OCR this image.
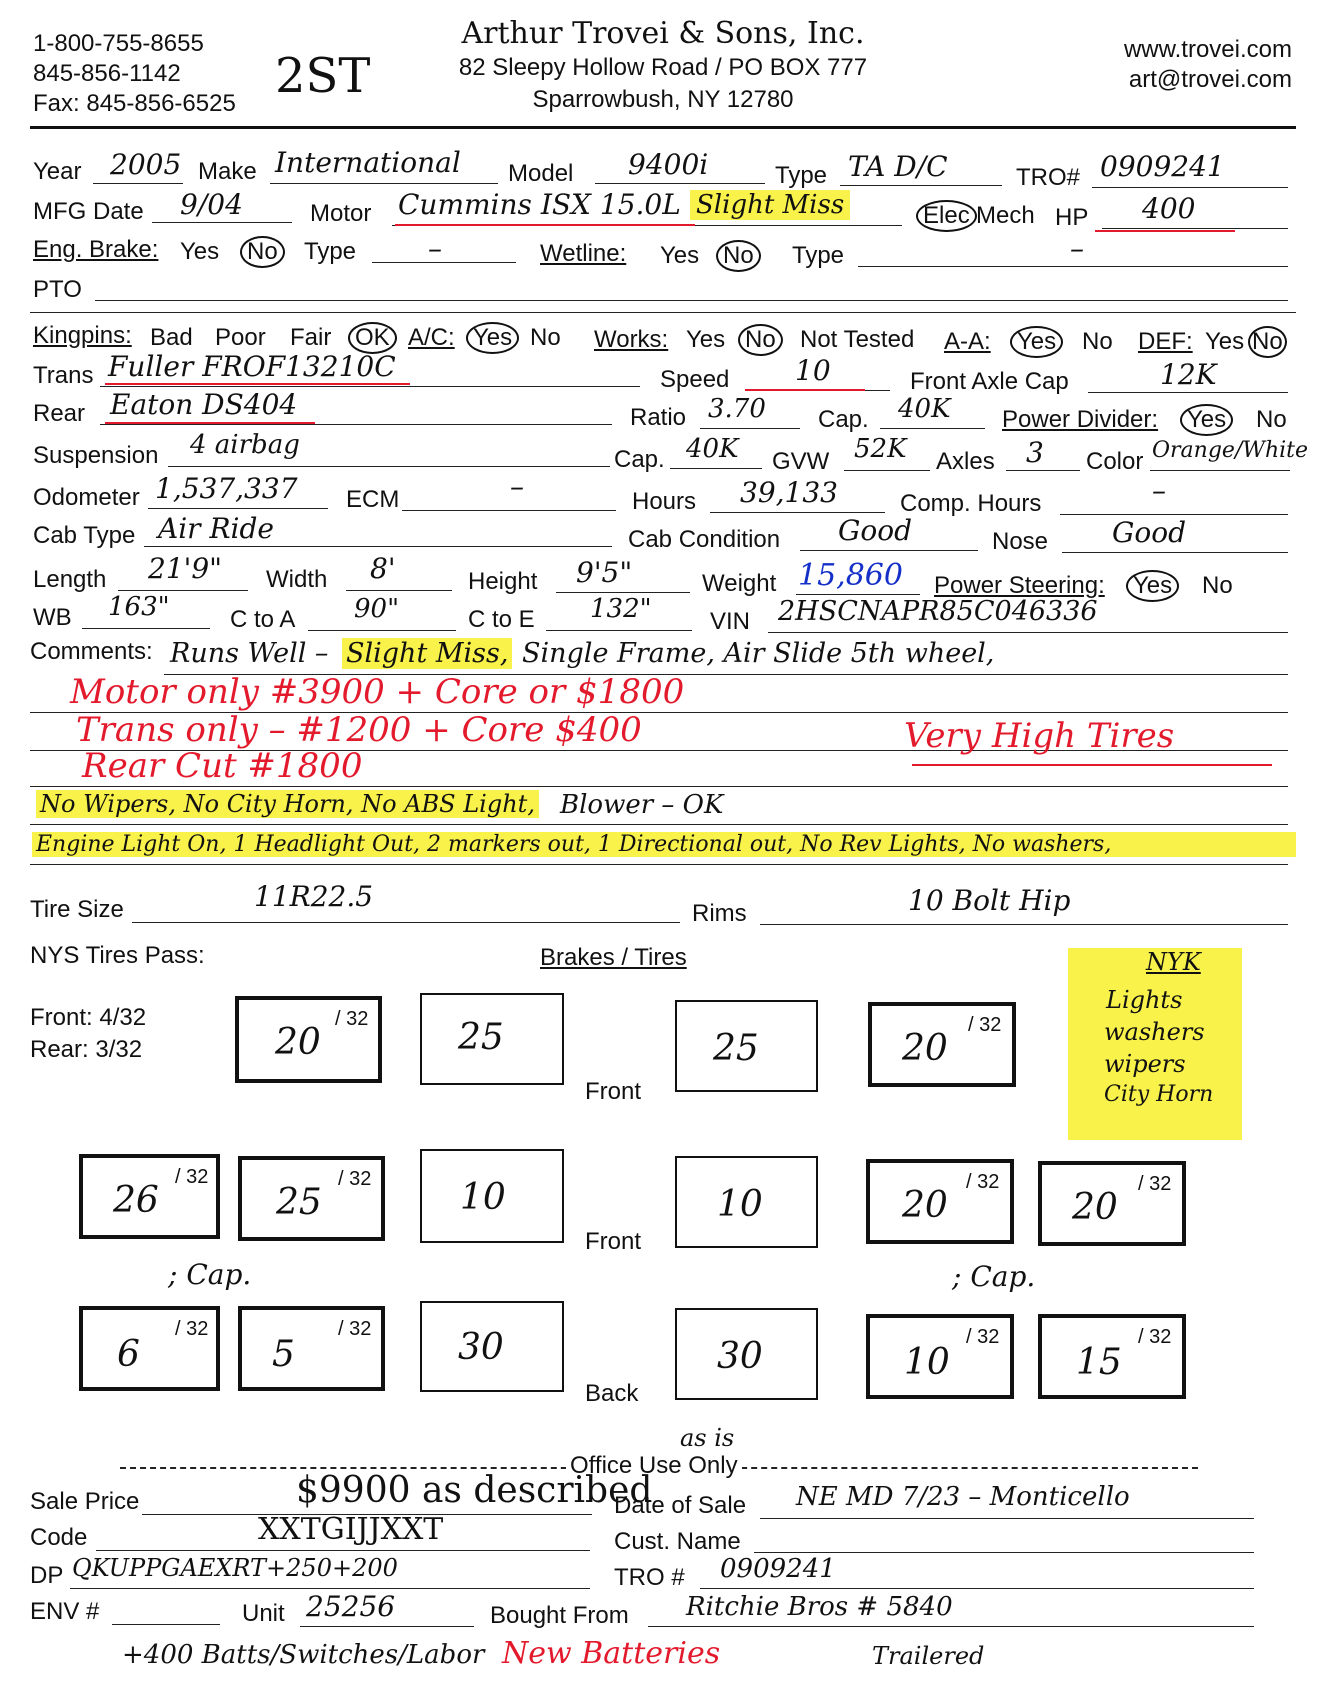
1-800-755-8655
845-856-1142
Fax: 845-856-6525 2ST
Arthur Trovei & Sons, Inc.
82 Sleepy Hollow Road / PO BOX 777
Sparrowbush, NY 12780
www.trovei.com
art@trovei.com
Year 2005 Make International Model 9400i	Type TA D/C	TRO# 0909241
MFG Date 9/04	Motor Cummins ISX 15.0L Slight Miss	Elec Mech HP 400
Eng. Brake: Yes No Type	–	Wetline: Yes No Type	–
PTO
Kingpins: Bad Poor Fair OK A/C: Yes No Works: Yes No Not Tested A-A: Yes No DEF: Yes No
Trans Fuller FROF13210C	Speed 10	Front Axle Cap	12K
Rear Eaton DS404	Ratio 3.70 Cap. 40K Power Divider: Yes No
Suspension 4 airbag	Cap. 40K GVW 52K Axles 3 Color Orange/White
Odometer 1,537,337 ECM	–	Hours 39,133	Comp. Hours	–
Cab Type Air Ride	Cab Condition Good	Nose Good
Length 21'9" Width 8'	Height 9'5"	Weight 15,860 Power Steering: Yes No
WB 163"	C to A 90"	C to E 132" VIN 2HSCNAPR85C046336
Comments: Runs Well – Slight Miss, Single Frame, Air Slide 5th wheel,
Motor only #3900 + Core or $1800
Trans only – #1200 + Core $400	Very High Tires
Rear Cut #1800
No Wipers, No City Horn, No ABS Light, Blower – OK
Engine Light On, 1 Headlight Out, 2 markers out, 1 Directional out, No Rev Lights, No washers,
Tire Size	11R22.5
Rims	10 Bolt Hip
NYS Tires Pass:	Brakes / Tires
Front: 4/32
Rear: 3/32
NYK
Lights
washers
wipers
City Horn
20
/ 32 25
Front
25	20
/ 32
26
/ 32
25
/ 32 10
Front
10	20
/ 32
20
/ 32
; Cap.	; Cap.
6
/ 32
5
/ 32 30
Back
30	10
/ 32
15
/ 32
Office Use Only
as is
Sale Price	$9900 as described
Date of Sale NE MD 7/23 – Monticello
Code	XXTGIJJXXT	Cust. Name
DP QKUPPGAEXRT+250+200	TRO # 0909241
ENV #	Unit 25256	Bought From Ritchie Bros # 5840
+400 Batts/Switches/Labor New Batteries	Trailered
